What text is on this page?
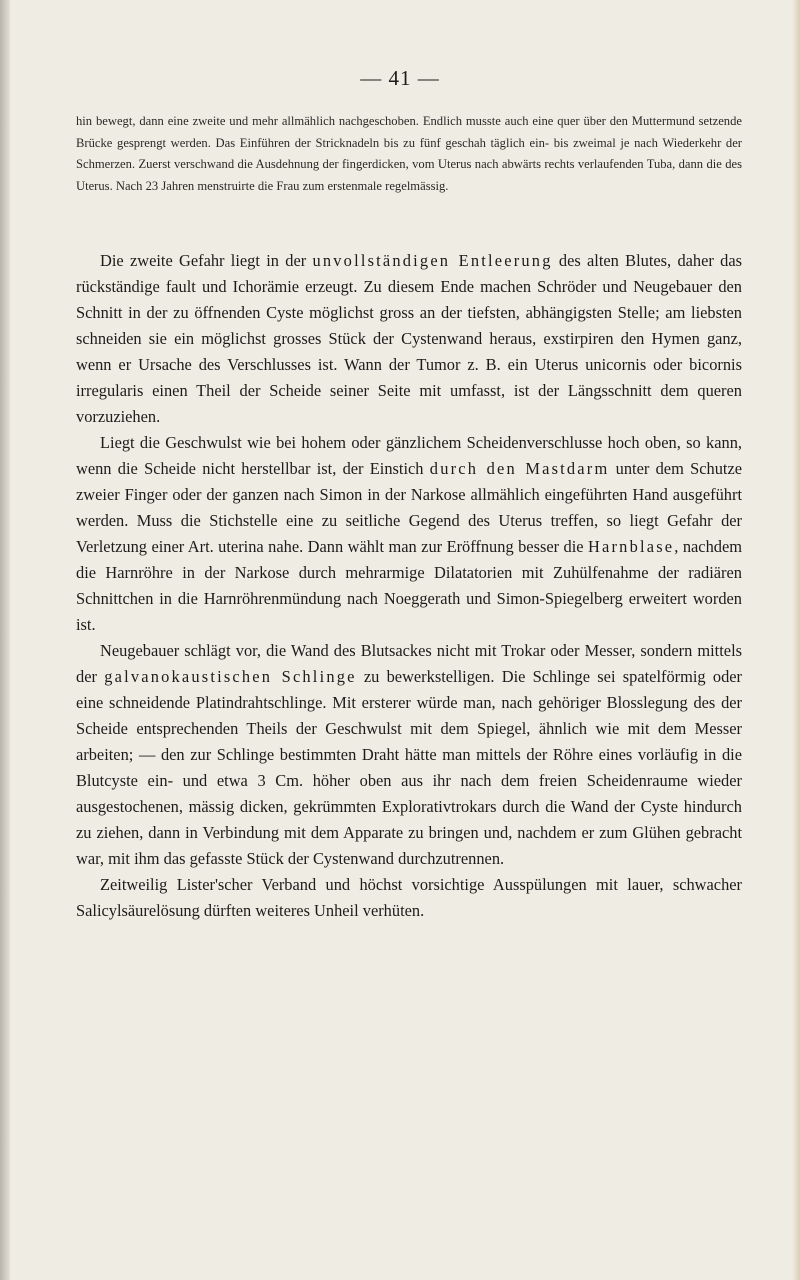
— 41 —
hin bewegt, dann eine zweite und mehr allmählich nachgeschoben. Endlich musste auch eine quer über den Muttermund setzende Brücke gesprengt werden. Das Einführen der Stricknadeln bis zu fünf geschah täglich ein- bis zweimal je nach Wiederkehr der Schmerzen. Zuerst verschwand die Ausdehnung der fingerdicken, vom Uterus nach abwärts rechts verlaufenden Tuba, dann die des Uterus. Nach 23 Jahren menstruirte die Frau zum erstenmale regelmässig.

Die zweite Gefahr liegt in der unvollständigen Entleerung des alten Blutes, daher das rückständige fault und Ichorämie erzeugt. Zu diesem Ende machen Schröder und Neugebauer den Schnitt in der zu öffnenden Cyste möglichst gross an der tiefsten, abhängigsten Stelle; am liebsten schneiden sie ein möglichst grosses Stück der Cystenwand heraus, exstirpiren den Hymen ganz, wenn er Ursache des Verschlusses ist. Wann der Tumor z. B. ein Uterus unicornis oder bicornis irregularis einen Theil der Scheide seiner Seite mit umfasst, ist der Längsschnitt dem queren vorzuziehen.

Liegt die Geschwulst wie bei hohem oder gänzlichem Scheidenverschlusse hoch oben, so kann, wenn die Scheide nicht herstellbar ist, der Einstich durch den Mastdarm unter dem Schutze zweier Finger oder der ganzen nach Simon in der Narkose allmählich eingeführten Hand ausgeführt werden. Muss die Stichstelle eine zu seitliche Gegend des Uterus treffen, so liegt Gefahr der Verletzung einer Art. uterina nahe. Dann wählt man zur Eröffnung besser die Harnblase, nachdem die Harnröhre in der Narkose durch mehrarmige Dilatatorien mit Zuhülfenahme der radiären Schnittchen in die Harnröhrenmündung nach Noeggerath und Simon-Spiegelberg erweitert worden ist.

Neugebauer schlägt vor, die Wand des Blutsackes nicht mit Trokar oder Messer, sondern mittels der galvanokaustischen Schlinge zu bewerkstelligen. Die Schlinge sei spatelförmig oder eine schneidende Platindrahtschlinge. Mit ersterer würde man, nach gehöriger Blosslegung des der Scheide entsprechenden Theils der Geschwulst mit dem Spiegel, ähnlich wie mit dem Messer arbeiten; — den zur Schlinge bestimmten Draht hätte man mittels der Röhre eines vorläufig in die Blutcyste ein- und etwa 3 Cm. höher oben aus ihr nach dem freien Scheidenraume wieder ausgestochenen, mässig dicken, gekrümmten Explorativtrokars durch die Wand der Cyste hindurch zu ziehen, dann in Verbindung mit dem Apparate zu bringen und, nachdem er zum Glühen gebracht war, mit ihm das gefasste Stück der Cystenwand durchzutrennen.

Zeitweilig Lister'scher Verband und höchst vorsichtige Ausspülungen mit lauer, schwacher Salicylsäurelösung dürften weiteres Unheil verhüten.
